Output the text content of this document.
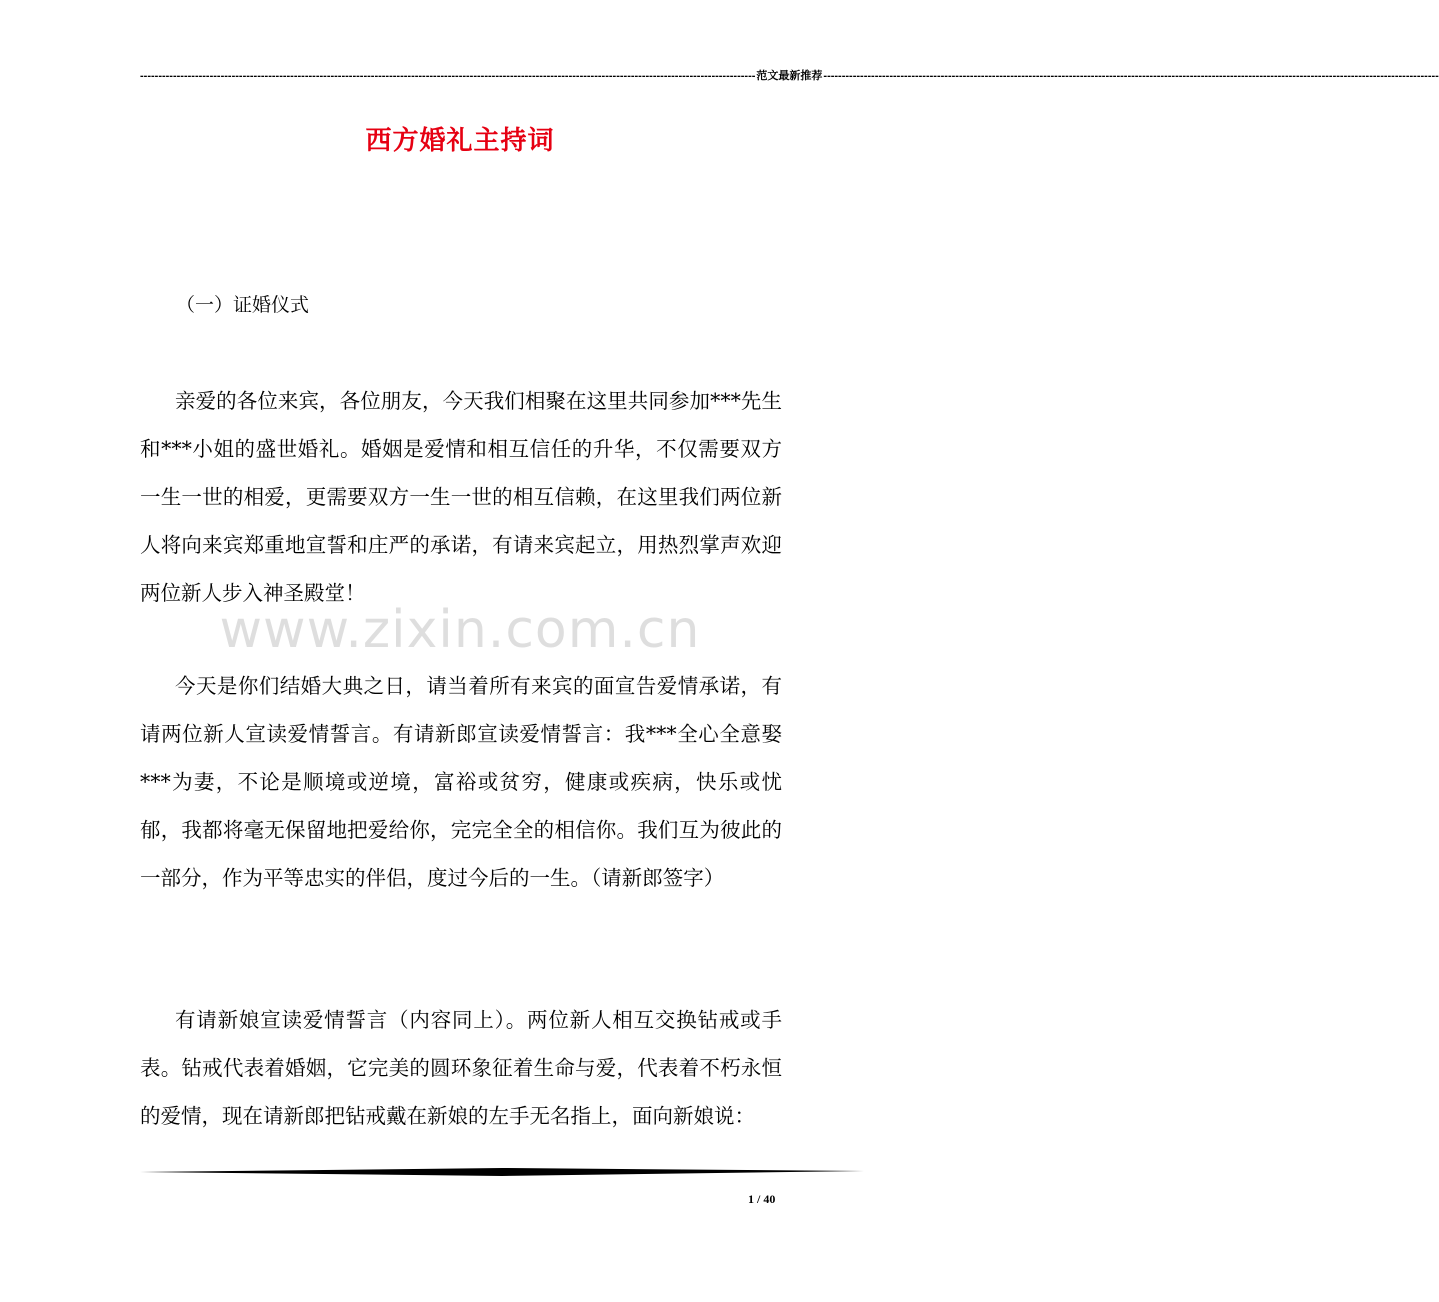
------------------------------------------------------------------------------------------------------------------------------------------------------------------------ 范文最新推荐 ------------------------------------------------------------------------------------------------------------------------------------------------------------------------
西方婚礼主持词
（一）证婚仪式

亲爱的各位来宾，各位朋友，今天我们相聚在这里共同参加***先生和***小姐的盛世婚礼。婚姻是爱情和相互信任的升华，不仅需要双方一生一世的相爱，更需要双方一生一世的相互信赖，在这里我们两位新人将向来宾郑重地宣誓和庄严的承诺，有请来宾起立，用热烈掌声欢迎两位新人步入神圣殿堂！

今天是你们结婚大典之日，请当着所有来宾的面宣告爱情承诺，有请两位新人宣读爱情誓言。有请新郎宣读爱情誓言：我***全心全意娶***为妻，不论是顺境或逆境，富裕或贫穷，健康或疾病，快乐或忧郁，我都将毫无保留地把爱给你，完完全全的相信你。我们互为彼此的一部分，作为平等忠实的伴侣，度过今后的一生。（请新郎签字）

有请新娘宣读爱情誓言（内容同上）。两位新人相互交换钻戒或手表。钻戒代表着婚姻，它完美的圆环象征着生命与爱，代表着不朽永恒的爱情，现在请新郎把钻戒戴在新娘的左手无名指上，面向新娘说：

www.zixin.com.cn
1 / 40
